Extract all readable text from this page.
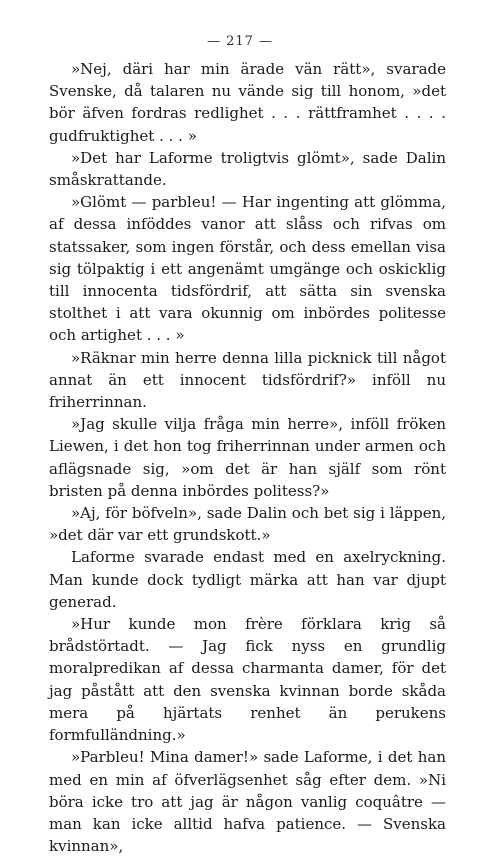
— 217 —

»Nej, däri har min ärade vän rätt», svarade Svenske, då talaren nu vände sig till honom, »det bör äfven fordras redlighet . . . rättframhet . . . . gudfruktighet . . . »

»Det har Laforme troligtvis glömt», sade Dalin småskrattande.

»Glömt — parbleu! — Har ingenting att glömma, af dessa inföddes vanor att slåss och rifvas om statssaker, som ingen förstår, och dess emellan visa sig tölpaktig i ett angenämt umgänge och oskicklig till innocenta tidsfördrif, att sätta sin svenska stolthet i att vara okunnig om inbördes politesse och artighet . . . »

»Räknar min herre denna lilla picknick till något annat än ett innocent tidsfördrif?» inföll nu friherrinnan.

»Jag skulle vilja fråga min herre», inföll fröken Liewen, i det hon tog friherrinnan under armen och aflägsnade sig, »om det är han själf som rönt bristen på denna inbördes politess?»

»Aj, för böfveln», sade Dalin och bet sig i läppen, »det där var ett grundskott.»

Laforme svarade endast med en axelryckning. Man kunde dock tydligt märka att han var djupt generad.

»Hur kunde mon frère förklara krig så brådstörtadt. — Jag fick nyss en grundlig moralpredikan af dessa charmanta damer, för det jag påstått att den svenska kvinnan borde skåda mera på hjärtats renhet än perukens formfulländning.»

»Parbleu! Mina damer!» sade Laforme, i det han med en min af öfverlägsenhet såg efter dem. »Ni böra icke tro att jag är någon vanlig coquâtre — man kan icke alltid hafva patience. — Svenska kvinnan»,
